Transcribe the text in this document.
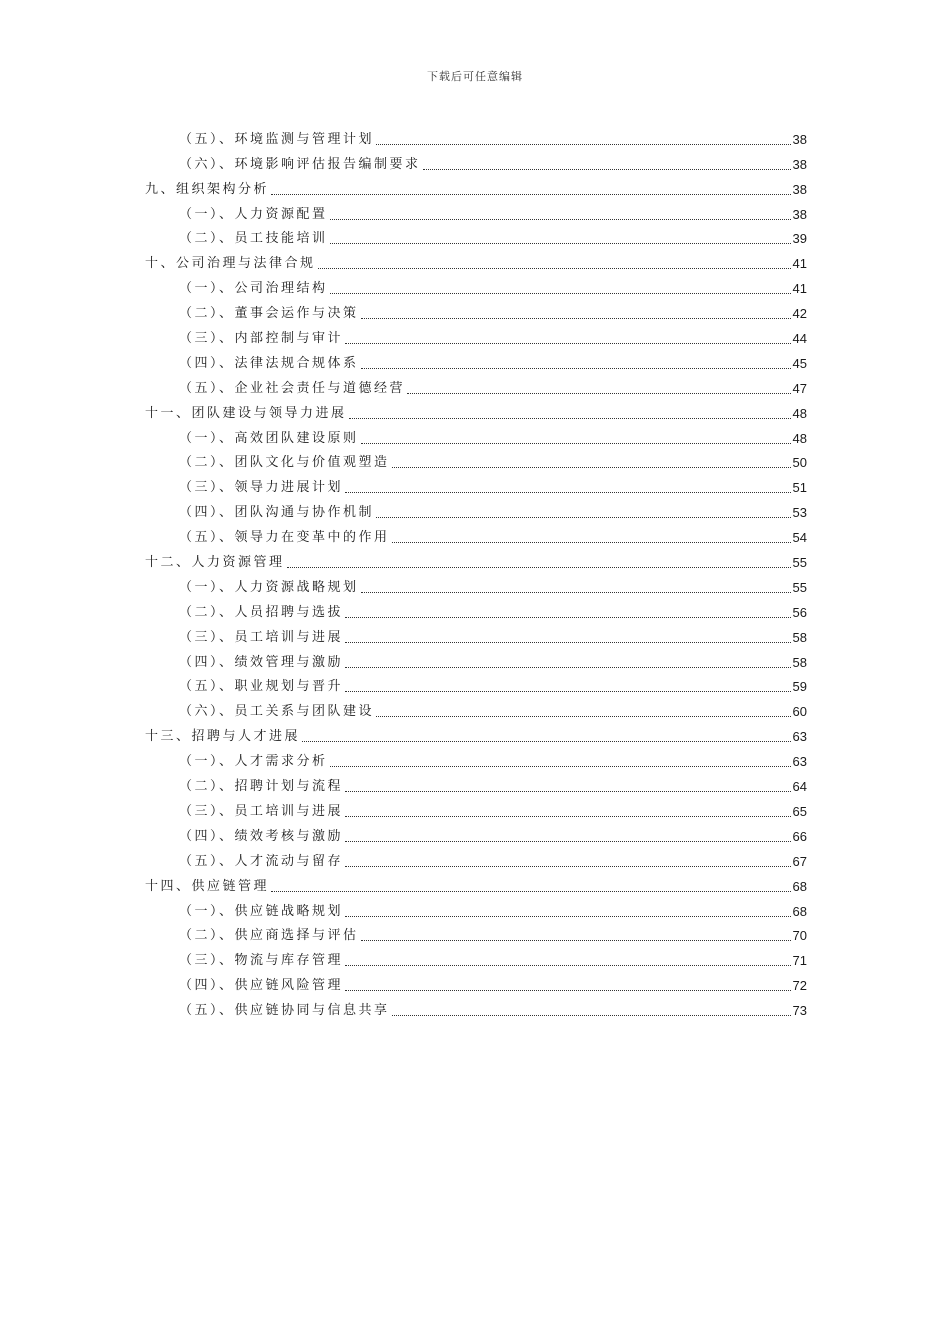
下载后可任意编辑
（五）、环境监测与管理计划	38
（六）、环境影响评估报告编制要求	38
九、组织架构分析	38
（一）、人力资源配置	38
（二）、员工技能培训	39
十、公司治理与法律合规	41
（一）、公司治理结构	41
（二）、董事会运作与决策	42
（三）、内部控制与审计	44
（四）、法律法规合规体系	45
（五）、企业社会责任与道德经营	47
十一、团队建设与领导力进展	48
（一）、高效团队建设原则	48
（二）、团队文化与价值观塑造	50
（三）、领导力进展计划	51
（四）、团队沟通与协作机制	53
（五）、领导力在变革中的作用	54
十二、人力资源管理	55
（一）、人力资源战略规划	55
（二）、人员招聘与选拔	56
（三）、员工培训与进展	58
（四）、绩效管理与激励	58
（五）、职业规划与晋升	59
（六）、员工关系与团队建设	60
十三、招聘与人才进展	63
（一）、人才需求分析	63
（二）、招聘计划与流程	64
（三）、员工培训与进展	65
（四）、绩效考核与激励	66
（五）、人才流动与留存	67
十四、供应链管理	68
（一）、供应链战略规划	68
（二）、供应商选择与评估	70
（三）、物流与库存管理	71
（四）、供应链风险管理	72
（五）、供应链协同与信息共享	73
